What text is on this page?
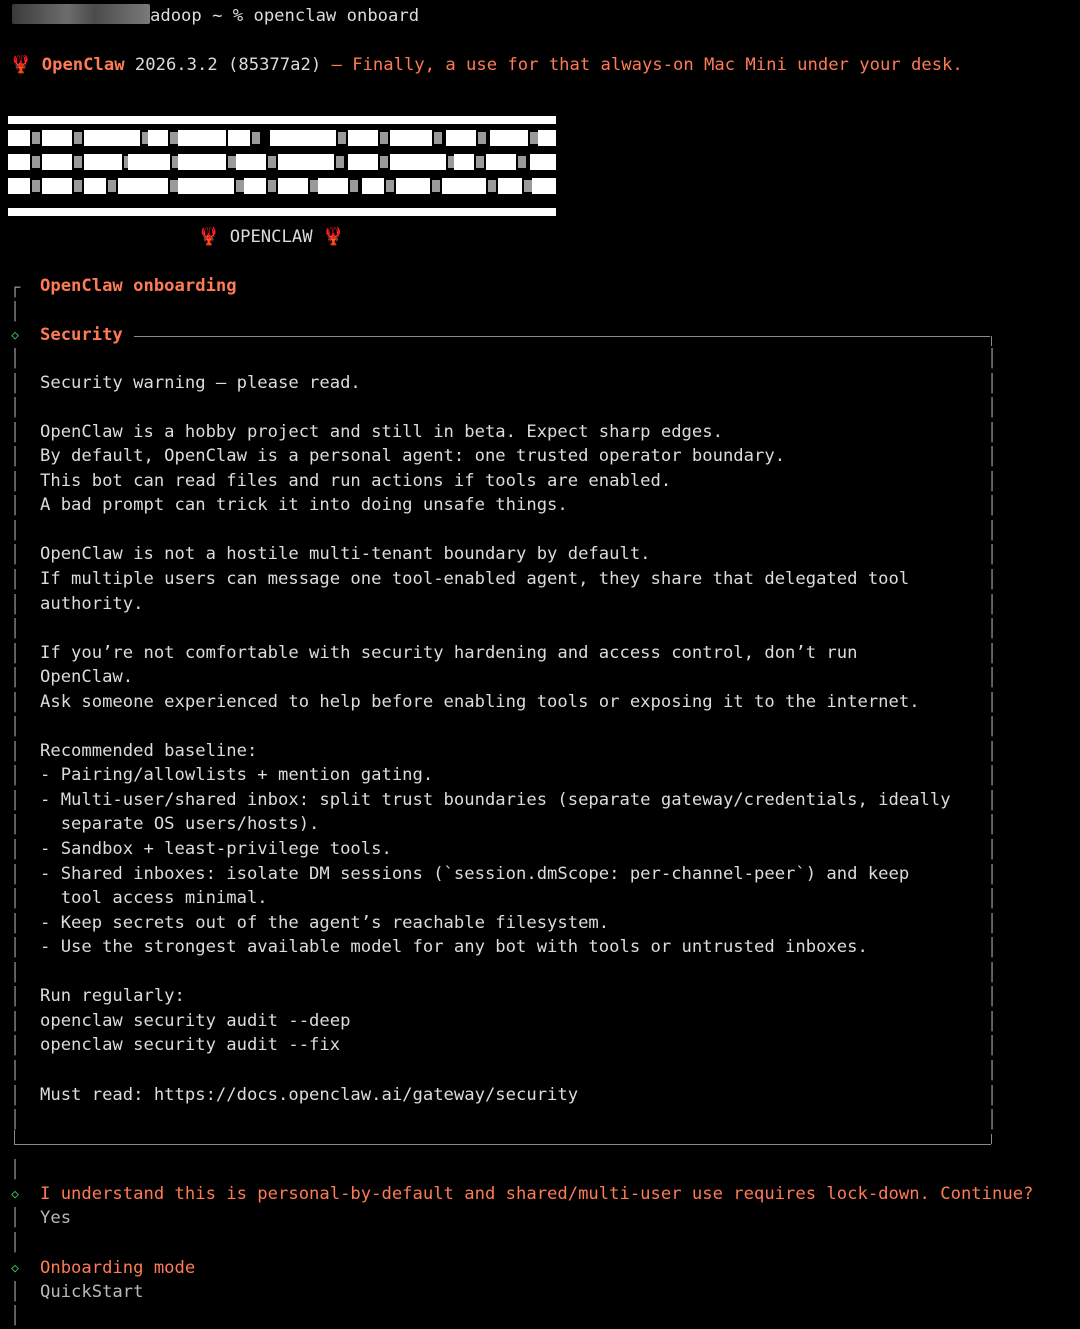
adoop ~ % openclaw onboard
🦞 OpenClaw 2026.3.2 (85377a2) – Finally, a use for that always-on Mac Mini under your desk.
🦞 OPENCLAW 🦞
┌ OpenClaw onboarding
│
◇ Security
│	│
│	│
Security warning — please read.
│	│
│	│
OpenClaw is a hobby project and still in beta. Expect sharp edges.
│	│
By default, OpenClaw is a personal agent: one trusted operator boundary.
│	│
This bot can read files and run actions if tools are enabled.
│	│
A bad prompt can trick it into doing unsafe things.
│	│
│	│
OpenClaw is not a hostile multi-tenant boundary by default.
│	│
If multiple users can message one tool-enabled agent, they share that delegated tool
│	│
authority.
│	│
│	│
If you’re not comfortable with security hardening and access control, don’t run
│	│
OpenClaw.
│	│
Ask someone experienced to help before enabling tools or exposing it to the internet.
│	│
│	│
Recommended baseline:
│	│
- Pairing/allowlists + mention gating.
│	│
- Multi-user/shared inbox: split trust boundaries (separate gateway/credentials, ideally
│	│
separate OS users/hosts).
│	│
- Sandbox + least-privilege tools.
│	│
- Shared inboxes: isolate DM sessions (`session.dmScope: per-channel-peer`) and keep
│	│
tool access minimal.
│	│
- Keep secrets out of the agent’s reachable filesystem.
│	│
- Use the strongest available model for any bot with tools or untrusted inboxes.
│	│
│	│
Run regularly:
│	│
openclaw security audit --deep
│	│
openclaw security audit --fix
│	│
│	│
Must read: https://docs.openclaw.ai/gateway/security
│	│
│
◇ I understand this is personal-by-default and shared/multi-user use requires lock-down. Continue?
│ Yes
│
◇ Onboarding mode
│ QuickStart
│
